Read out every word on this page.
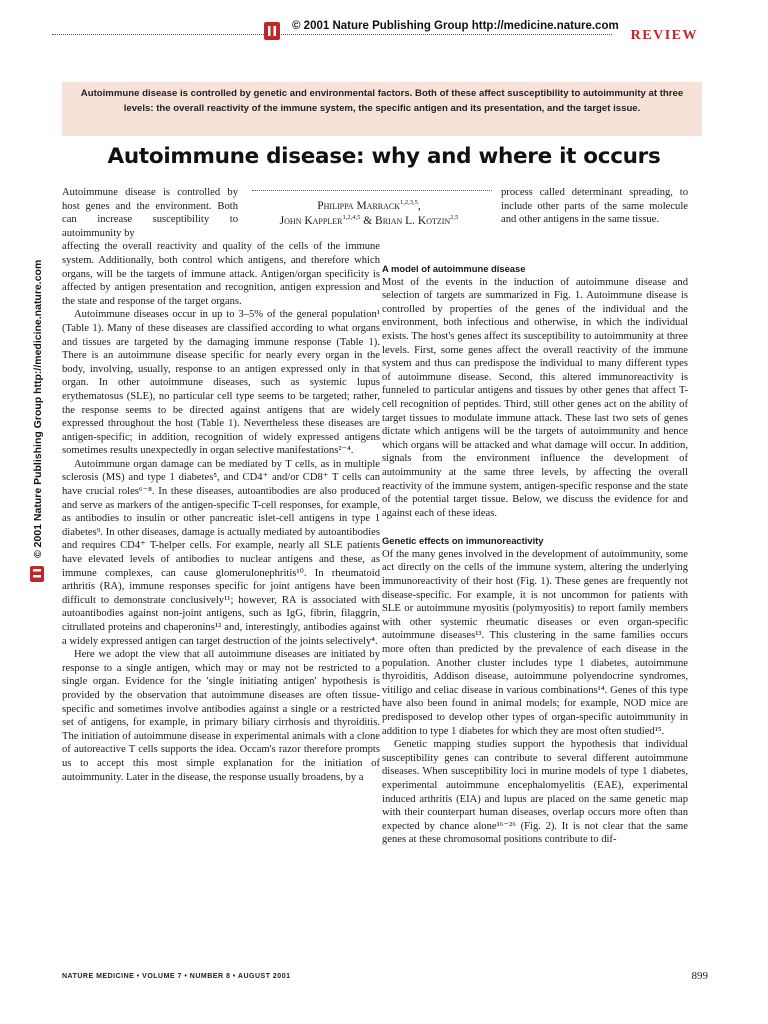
© 2001 Nature Publishing Group http://medicine.nature.com
REVIEW
© 2001 Nature Publishing Group http://medicine.nature.com
Autoimmune disease is controlled by genetic and environmental factors. Both of these affect susceptibility to autoimmunity at three levels: the overall reactivity of the immune system, the specific antigen and its presentation, and the target issue.
Autoimmune disease: why and where it occurs
Philippa Marrack$^{1,2,3,5}$,
John Kappler$^{1,2,4,5}$ & Brian L. Kotzin$^{2,5}$

Autoimmune disease is controlled by host genes and the environment. Both can increase susceptibility to autoimmunity by

affecting the overall reactivity and quality of the cells of the immune system. Additionally, both control which antigens, and therefore which organs, will be the targets of immune attack. Antigen/organ specificity is affected by antigen presentation and recognition, antigen expression and the state and response of the target organs.

Autoimmune diseases occur in up to 3–5% of the general population¹ (Table 1). Many of these diseases are classified according to what organs and tissues are targeted by the damaging immune response (Table 1). There is an autoimmune disease specific for nearly every organ in the body, involving, usually, response to an antigen expressed only in that organ. In other autoimmune diseases, such as systemic lupus erythematosus (SLE), no particular cell type seems to be targeted; rather, the response seems to be directed against antigens that are widely expressed throughout the host (Table 1). Nevertheless these diseases are antigen-specific; in addition, recognition of widely expressed antigens sometimes results unexpectedly in organ selective manifestations²⁻⁴.

Autoimmune organ damage can be mediated by T cells, as in multiple sclerosis (MS) and type 1 diabetes⁵, and CD4⁺ and/or CD8⁺ T cells can have crucial roles⁶⁻⁸. In these diseases, autoantibodies are also produced and serve as markers of the antigen-specific T-cell responses, for example, as antibodies to insulin or other pancreatic islet-cell antigens in type 1 diabetes⁹. In other diseases, damage is actually mediated by autoantibodies and requires CD4⁺ T-helper cells. For example, nearly all SLE patients have elevated levels of antibodies to nuclear antigens and these, as immune complexes, can cause glomerulonephritis¹⁰. In rheumatoid arthritis (RA), immune responses specific for joint antigens have been difficult to demonstrate conclusively¹¹; however, RA is associated with autoantibodies against non-joint antigens, such as IgG, fibrin, filaggrin, citrullated proteins and chaperonins¹² and, interestingly, antibodies against a widely expressed antigen can target destruction of the joints selectively⁴.

Here we adopt the view that all autoimmune diseases are initiated by response to a single antigen, which may or may not be restricted to a single organ. Evidence for the 'single initiating antigen' hypothesis is provided by the observation that autoimmune diseases are often tissue-specific and sometimes involve antibodies against a single or a restricted set of antigens, for example, in primary biliary cirrhosis and thyroiditis. The initiation of autoimmune disease in experimental animals with a clone of autoreactive T cells supports the idea. Occam's razor therefore prompts us to accept this most simple explanation for the initiation of autoimmunity. Later in the disease, the response usually broadens, by a

process called determinant spreading, to include other parts of the same molecule and other antigens in the same tissue.
A model of autoimmune disease

Most of the events in the induction of autoimmune disease and selection of targets are summarized in Fig. 1. Autoimmune disease is controlled by properties of the genes of the individual and the environment, both infectious and otherwise, in which the individual exists. The host's genes affect its susceptibility to autoimmunity at three levels. First, some genes affect the overall reactivity of the immune system and thus can predispose the individual to many different types of autoimmune disease. Second, this altered immunoreactivity is funneled to particular antigens and tissues by other genes that affect T-cell recognition of peptides. Third, still other genes act on the ability of target tissues to modulate immune attack. These last two sets of genes dictate which antigens will be the targets of autoimmunity and hence which organs will be attacked and what damage will occur. In addition, signals from the environment influence the development of autoimmunity at the same three levels, by affecting the overall reactivity of the immune system, antigen-specific response and the state of the potential target tissue. Below, we discuss the evidence for and against each of these ideas.

Genetic effects on immunoreactivity

Of the many genes involved in the development of autoimmunity, some act directly on the cells of the immune system, altering the underlying immunoreactivity of their host (Fig. 1). These genes are frequently not disease-specific. For example, it is not uncommon for patients with SLE or autoimmune myositis (polymyositis) to report family members with other systemic rheumatic diseases or even organ-specific autoimmune diseases¹³. This clustering in the same families occurs more often than predicted by the prevalence of each disease in the population. Another cluster includes type 1 diabetes, autoimmune thyroiditis, Addison disease, autoimmune polyendocrine syndromes, vitiligo and celiac disease in various combinations¹⁴. Genes of this type have also been found in animal models; for example, NOD mice are predisposed to develop other types of organ-specific autoimmunity in addition to type 1 diabetes for which they are most often studied¹⁵.

Genetic mapping studies support the hypothesis that individual susceptibility genes can contribute to several different autoimmune diseases. When susceptibility loci in murine models of type 1 diabetes, experimental autoimmune encephalomyelitis (EAE), experimental induced arthritis (EIA) and lupus are placed on the same genetic map with their counterpart human diseases, overlap occurs more often than expected by chance alone¹⁶⁻²⁶ (Fig. 2). It is not clear that the same genes at these chromosomal positions contribute to dif-

NATURE MEDICINE • VOLUME 7 • NUMBER 8 • AUGUST 2001	899
